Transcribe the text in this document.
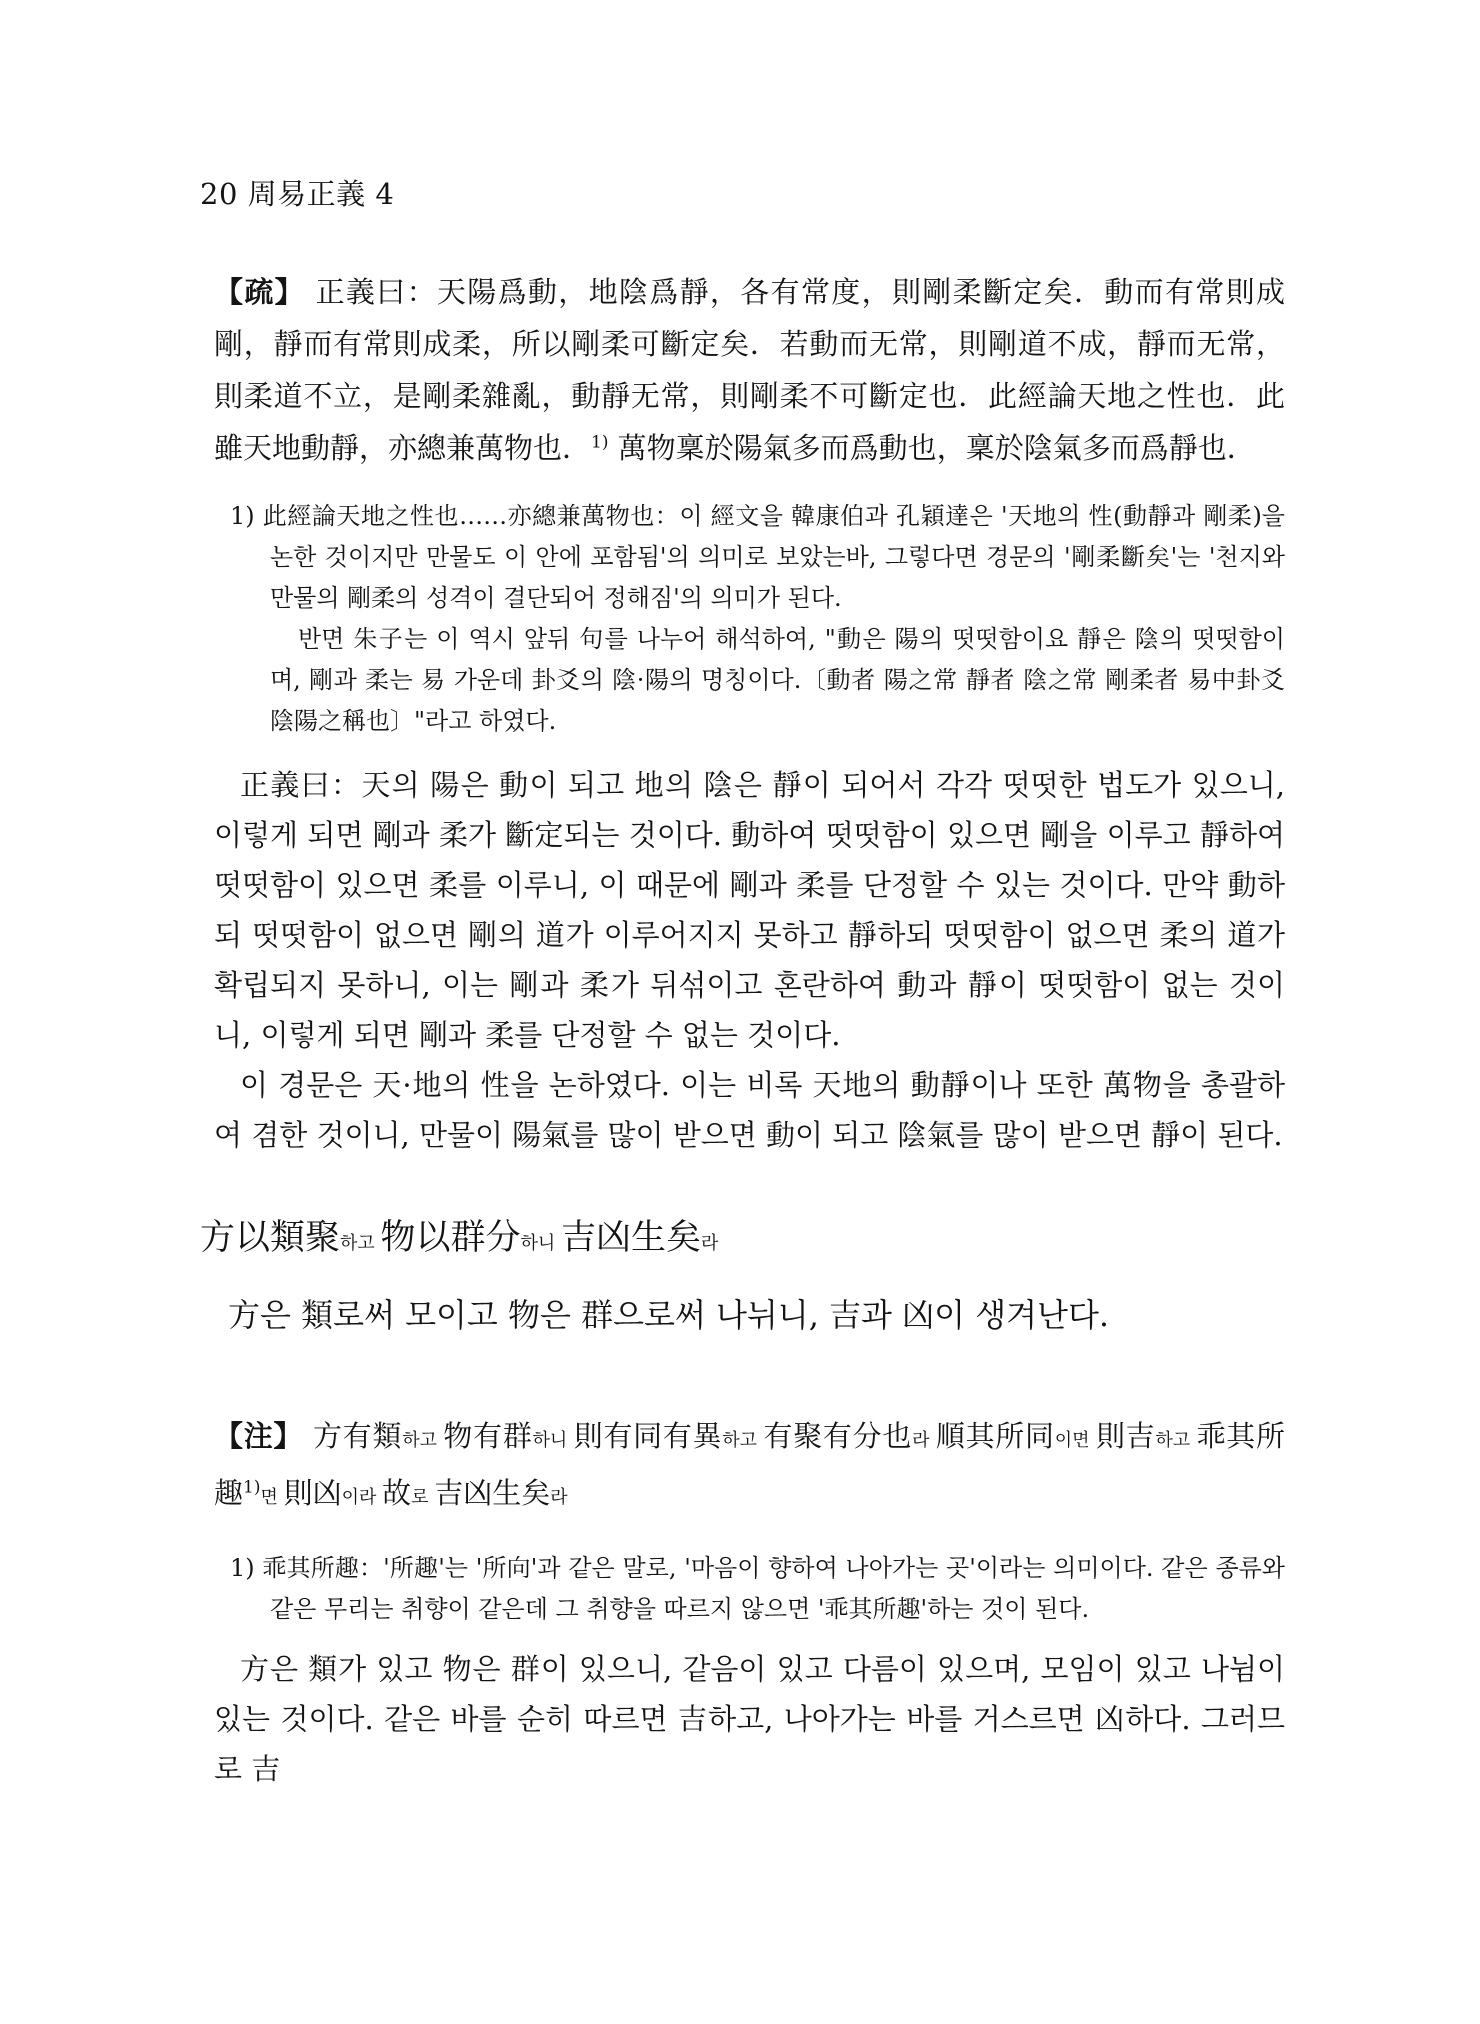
20 周易正義 4

【疏】 正義曰：天陽爲動，地陰爲靜，各有常度，則剛柔斷定矣．動而有常則成剛，靜而有常則成柔，所以剛柔可斷定矣．若動而无常，則剛道不成，靜而无常，則柔道不立，是剛柔雜亂，動靜无常，則剛柔不可斷定也．此經論天地之性也．此雖天地動靜，亦總兼萬物也．$^{1)}$ 萬物稟於陽氣多而爲動也，稟於陰氣多而爲靜也．

1) 此經論天地之性也……亦總兼萬物也：이 經文을 韓康伯과 孔穎達은 '天地의 性(動靜과 剛柔)을 논한 것이지만 만물도 이 안에 포함됨'의 의미로 보았는바, 그렇다면 경문의 '剛柔斷矣'는 '천지와 만물의 剛柔의 성격이 결단되어 정해짐'의 의미가 된다.

반면 朱子는 이 역시 앞뒤 句를 나누어 해석하여, "動은 陽의 떳떳함이요 靜은 陰의 떳떳함이며, 剛과 柔는 易 가운데 卦爻의 陰·陽의 명칭이다.〔動者 陽之常 靜者 陰之常 剛柔者 易中卦爻陰陽之稱也〕"라고 하였다.

正義曰：天의 陽은 動이 되고 地의 陰은 靜이 되어서 각각 떳떳한 법도가 있으니, 이렇게 되면 剛과 柔가 斷定되는 것이다. 動하여 떳떳함이 있으면 剛을 이루고 靜하여 떳떳함이 있으면 柔를 이루니, 이 때문에 剛과 柔를 단정할 수 있는 것이다. 만약 動하되 떳떳함이 없으면 剛의 道가 이루어지지 못하고 靜하되 떳떳함이 없으면 柔의 道가 확립되지 못하니, 이는 剛과 柔가 뒤섞이고 혼란하여 動과 靜이 떳떳함이 없는 것이니, 이렇게 되면 剛과 柔를 단정할 수 없는 것이다.

이 경문은 天·地의 性을 논하였다. 이는 비록 天地의 動靜이나 또한 萬物을 총괄하여 겸한 것이니, 만물이 陽氣를 많이 받으면 動이 되고 陰氣를 많이 받으면 靜이 된다.

方以類聚하고 物以群分하니 吉凶生矣라

方은 類로써 모이고 物은 群으로써 나뉘니, 吉과 凶이 생겨난다.

【注】 方有類하고 物有群하니 則有同有異하고 有聚有分也라 順其所同이면 則吉하고 乖其所趣$^{1)}$면 則凶이라 故로 吉凶生矣라

1) 乖其所趣：'所趣'는 '所向'과 같은 말로, '마음이 향하여 나아가는 곳'이라는 의미이다. 같은 종류와 같은 무리는 취향이 같은데 그 취향을 따르지 않으면 '乖其所趣'하는 것이 된다.

方은 類가 있고 物은 群이 있으니, 같음이 있고 다름이 있으며, 모임이 있고 나뉨이 있는 것이다. 같은 바를 순히 따르면 吉하고, 나아가는 바를 거스르면 凶하다. 그러므로 吉
